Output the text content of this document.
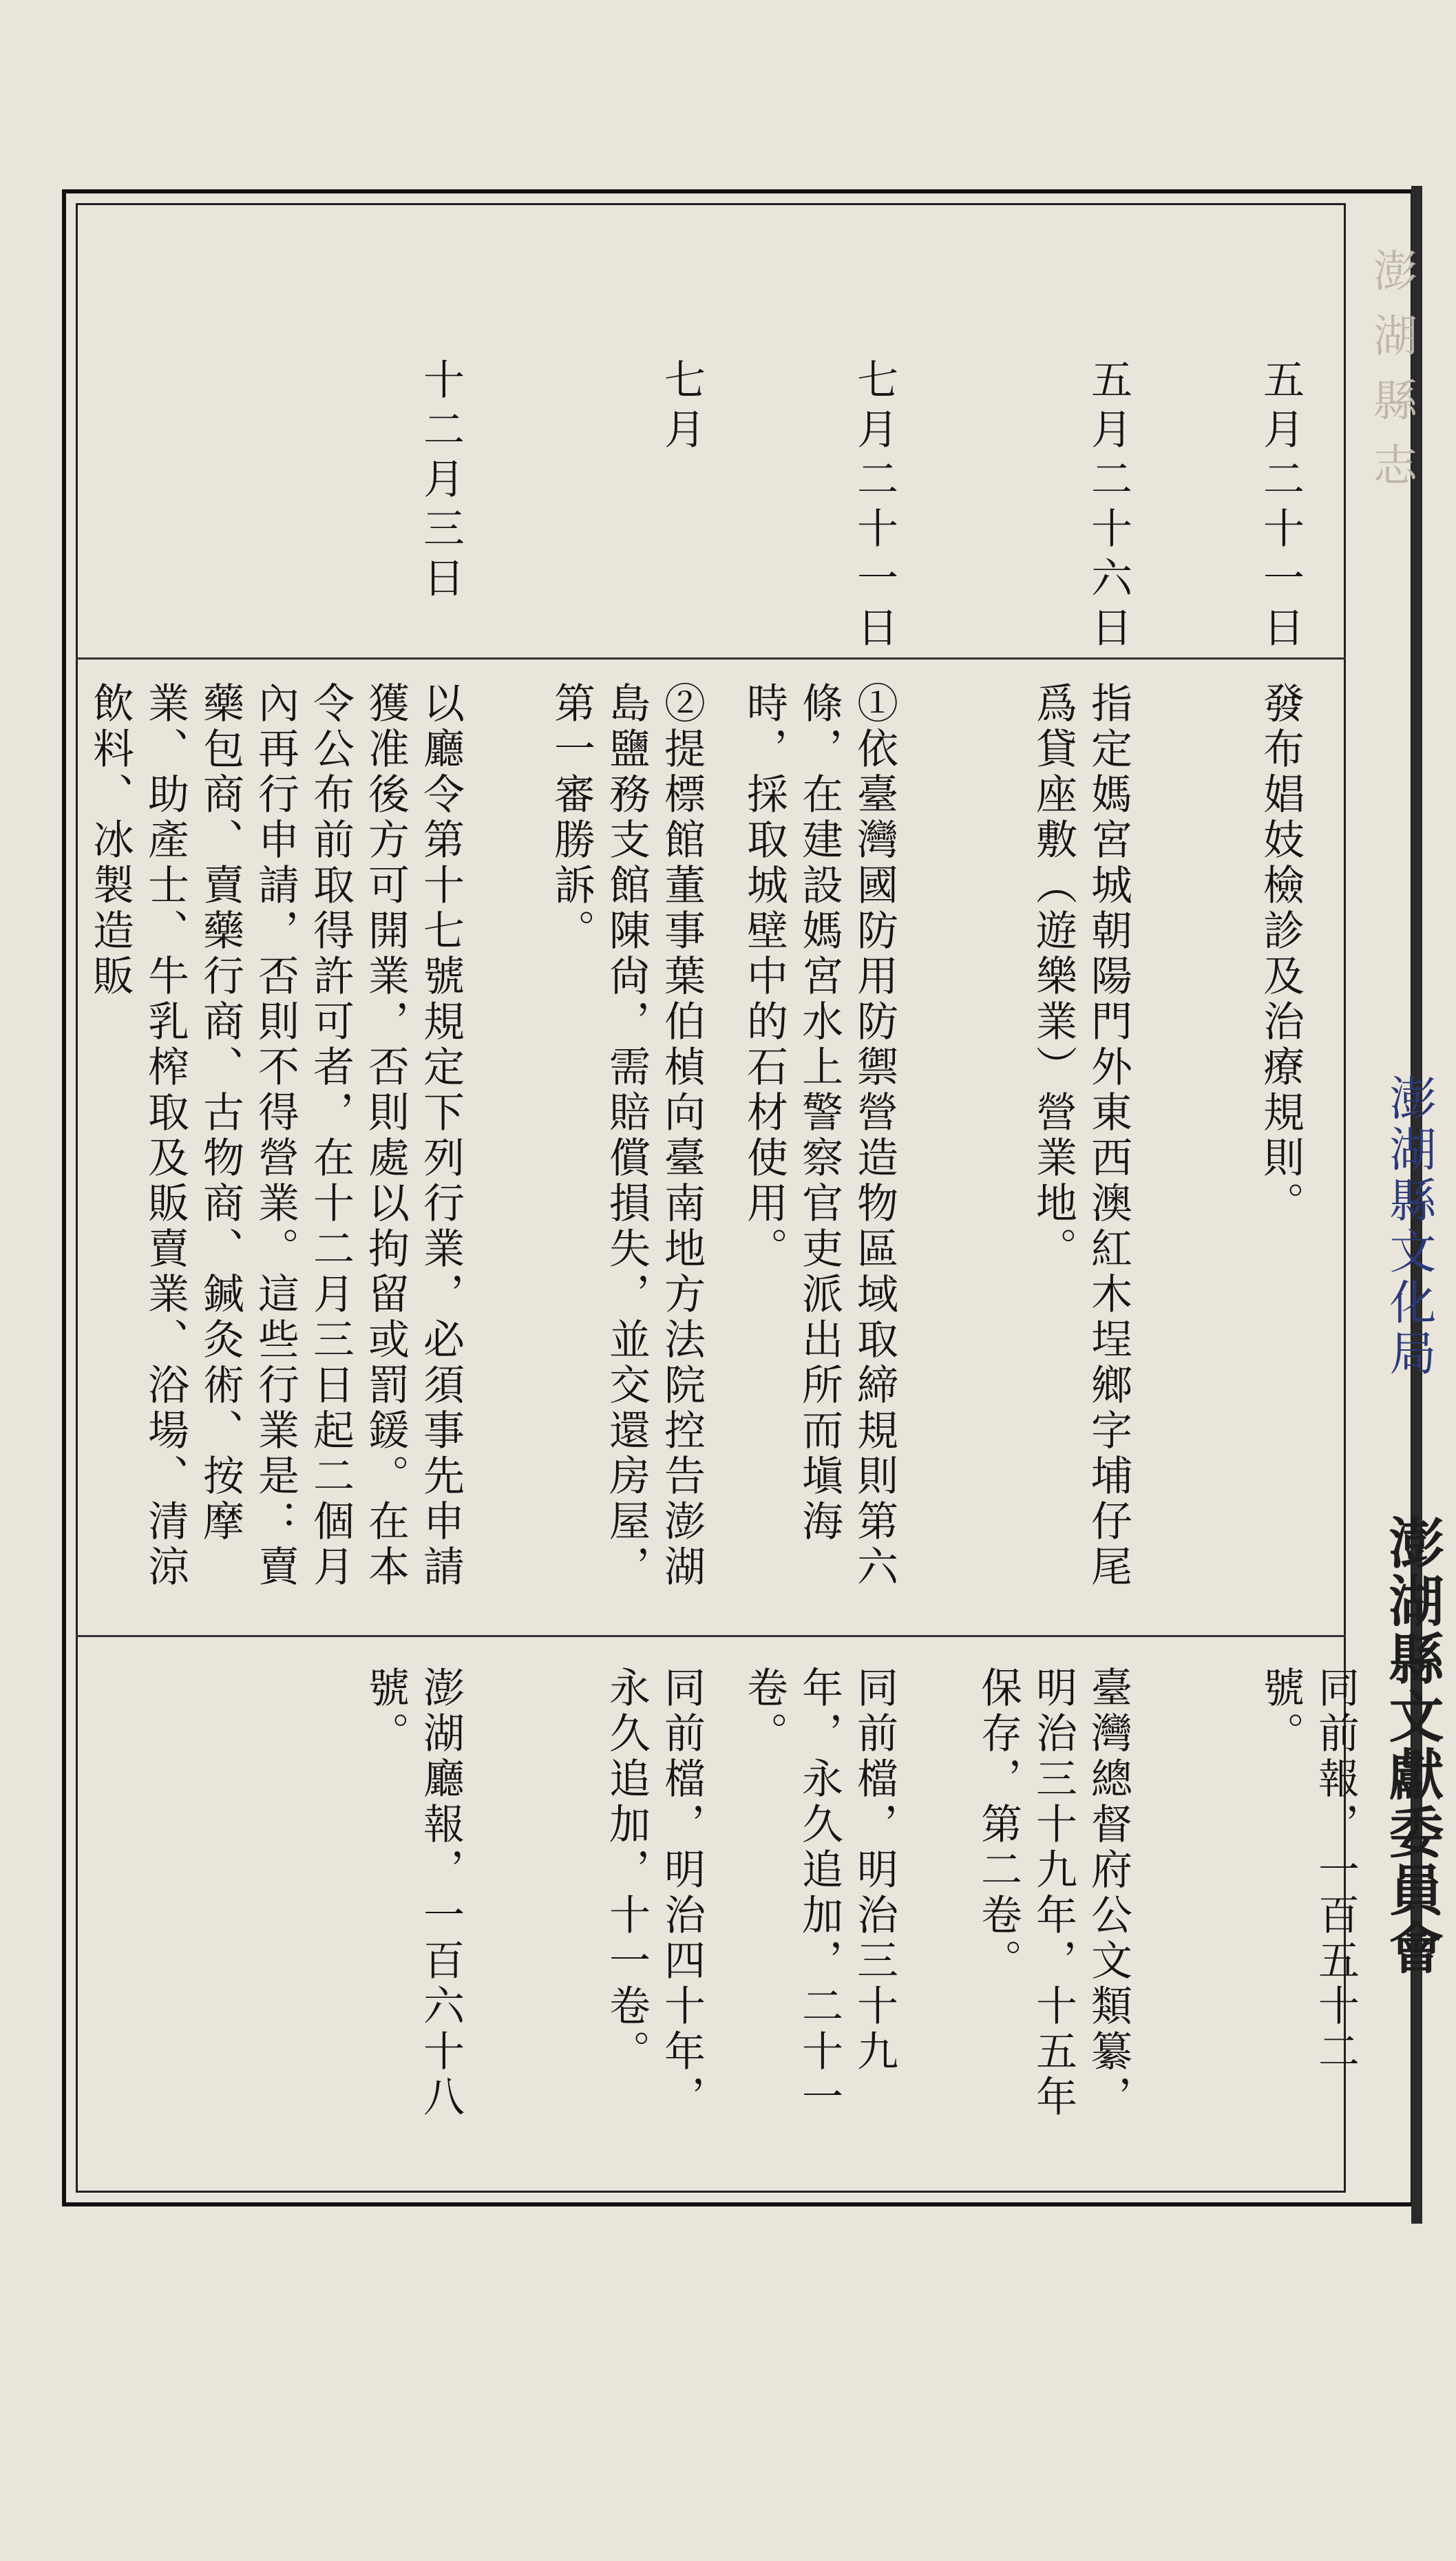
五月二十一日
發布娼妓檢診及治療規則。
同前報，一百五十二號。
五月二十六日
指定媽宮城朝陽門外東西澳紅木埕鄉字埔仔尾爲貸座敷（遊樂業）營業地。
臺灣總督府公文類纂，明治三十九年，十五年保存，第二卷。
七月二十一日
①依臺灣國防用防禦營造物區域取締規則第六條，在建設媽宮水上警察官吏派出所而塡海時，採取城壁中的石材使用。
同前檔，明治三十九年，永久追加，二十一卷。
七月
②提標館董事葉伯楨向臺南地方法院控告澎湖島鹽務支館陳尙，需賠償損失，並交還房屋，第一審勝訴。
同前檔，明治四十年，永久追加，十一卷。
十二月三日
以廳令第十七號規定下列行業，必須事先申請獲准後方可開業，否則處以拘留或罰鍰。在本令公布前取得許可者，在十二月三日起二個月內再行申請，否則不得營業。這些行業是：賣藥包商、賣藥行商、古物商、鍼灸術、按摩業、助產士、牛乳榨取及販賣業、浴場、清涼飲料、冰製造販
澎湖廳報，一百六十八號。
澎湖縣志
澎湖縣文化局
澎湖縣文獻委員會
